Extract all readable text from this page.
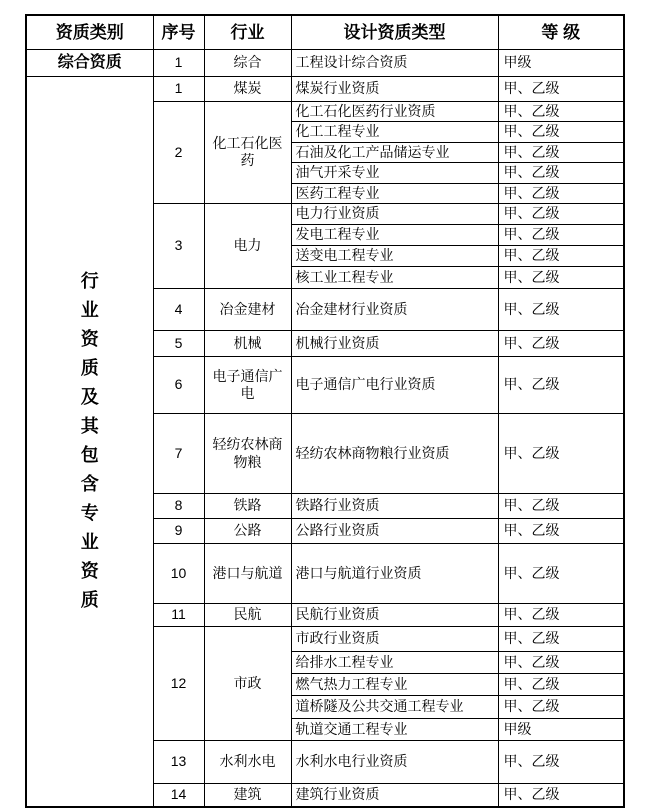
资质类别	序号	行业	设计资质类型	等 级
综合资质	1	综合	工程设计综合资质	甲级

行业资质及其包含专业资质	1	煤炭	煤炭行业资质	甲、乙级
	2	化工石化医药	化工石化医药行业资质	甲、乙级
			化工工程专业	甲、乙级
			石油及化工产品储运专业	甲、乙级
			油气开采专业	甲、乙级
			医药工程专业	甲、乙级
	3	电力	电力行业资质	甲、乙级
			发电工程专业	甲、乙级
			送变电工程专业	甲、乙级
			核工业工程专业	甲、乙级
	4	冶金建材	冶金建材行业资质	甲、乙级
	5	机械	机械行业资质	甲、乙级
	6	电子通信广电	电子通信广电行业资质	甲、乙级
	7	轻纺农林商物粮	轻纺农林商物粮行业资质	甲、乙级
	8	铁路	铁路行业资质	甲、乙级
	9	公路	公路行业资质	甲、乙级
	10	港口与航道	港口与航道行业资质	甲、乙级
	11	民航	民航行业资质	甲、乙级
	12	市政	市政行业资质	甲、乙级
			给排水工程专业	甲、乙级
			燃气热力工程专业	甲、乙级
			道桥隧及公共交通工程专业	甲、乙级
			轨道交通工程专业	甲级
	13	水利水电	水利水电行业资质	甲、乙级
	14	建筑	建筑行业资质	甲、乙级
